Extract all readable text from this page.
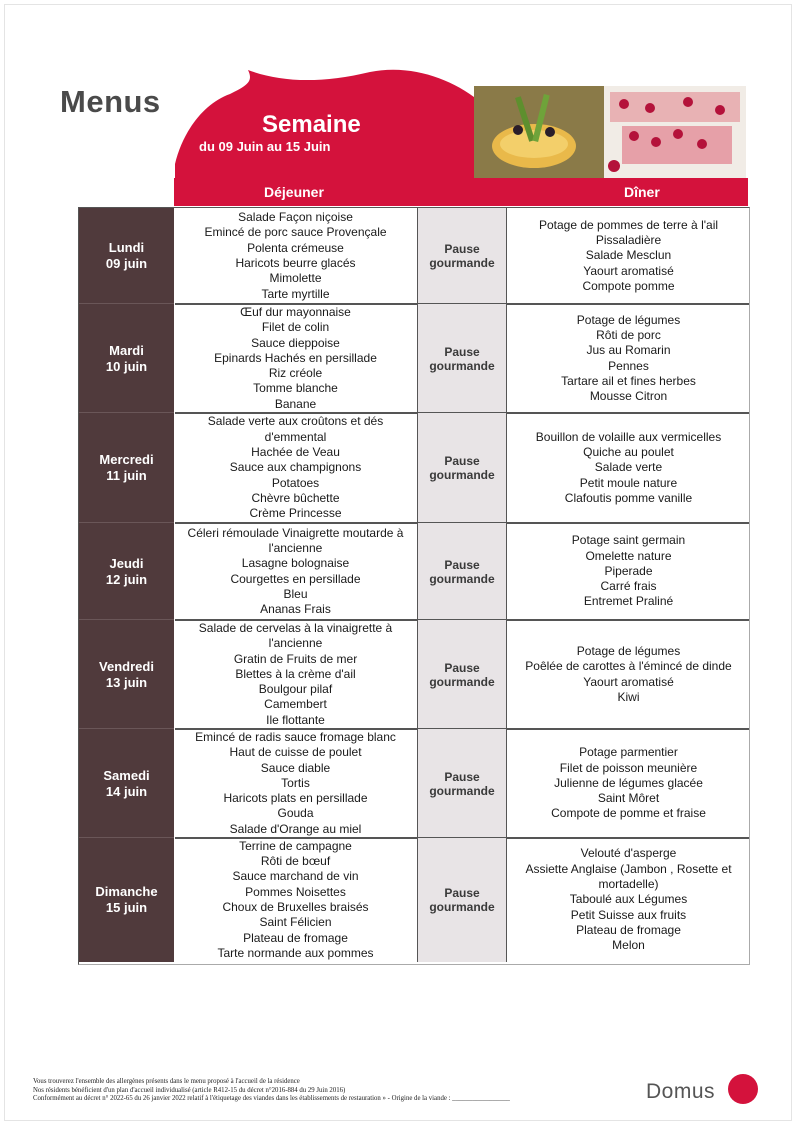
Menus
Semaine
du 09 Juin au 15 Juin
Déjeuner	Dîner
Lundi
09 juin
Salade Façon niçoise
Emincé de porc sauce Provençale
Polenta crémeuse
Haricots beurre glacés
Mimolette
Tarte myrtille
Pause
gourmande
Potage de pommes de terre à l'ail
Pissaladière
Salade Mesclun
Yaourt aromatisé
Compote pomme
Mardi
10 juin
Œuf dur mayonnaise
Filet de colin
Sauce dieppoise
Epinards Hachés en persillade
Riz créole
Tomme blanche
Banane
Pause
gourmande
Potage de légumes
Rôti de porc
Jus au Romarin
Pennes
Tartare ail et fines herbes
Mousse Citron
Mercredi
11 juin
Salade verte aux croûtons et dés
d'emmental
Hachée de Veau
Sauce aux champignons
Potatoes
Chèvre bûchette
Crème Princesse
Pause
gourmande
Bouillon de volaille aux vermicelles
Quiche au poulet
Salade verte
Petit moule nature
Clafoutis pomme vanille
Jeudi
12 juin
Céleri rémoulade Vinaigrette moutarde à
l'ancienne
Lasagne bolognaise
Courgettes en persillade
Bleu
Ananas Frais
Pause
gourmande
Potage saint germain
Omelette nature
Piperade
Carré frais
Entremet Praliné
Vendredi
13 juin
Salade de cervelas à la vinaigrette à
l'ancienne
Gratin de Fruits de mer
Blettes à la crème d'ail
Boulgour pilaf
Camembert
Ile flottante
Pause
gourmande
Potage de légumes
Poêlée de carottes à l'émincé de dinde
Yaourt aromatisé
Kiwi
Samedi
14 juin
Emincé de radis sauce fromage blanc
Haut de cuisse de poulet
Sauce diable
Tortis
Haricots plats en persillade
Gouda
Salade d'Orange au miel
Pause
gourmande
Potage parmentier
Filet de poisson meunière
Julienne de légumes glacée
Saint Môret
Compote de pomme et fraise
Dimanche
15 juin
Terrine de campagne
Rôti de bœuf
Sauce marchand de vin
Pommes Noisettes
Choux de Bruxelles braisés
Saint Félicien
Plateau de fromage
Tarte normande aux pommes
Pause
gourmande
Velouté d'asperge
Assiette Anglaise (Jambon , Rosette et
mortadelle)
Taboulé aux Légumes
Petit Suisse aux fruits
Plateau de fromage
Melon
Vous trouverez l'ensemble des allergènes présents dans le menu proposé à l'accueil de la résidence
Nos résidents bénéficient d'un plan d'accueil individualisé (article R412-15 du décret n°2016-884 du 29 Juin 2016)
Conformément au décret n° 2022-65 du 26 janvier 2022 relatif à l'étiquetage des viandes dans les établissements de restauration » - Origine de la viande : _________________	Domus
